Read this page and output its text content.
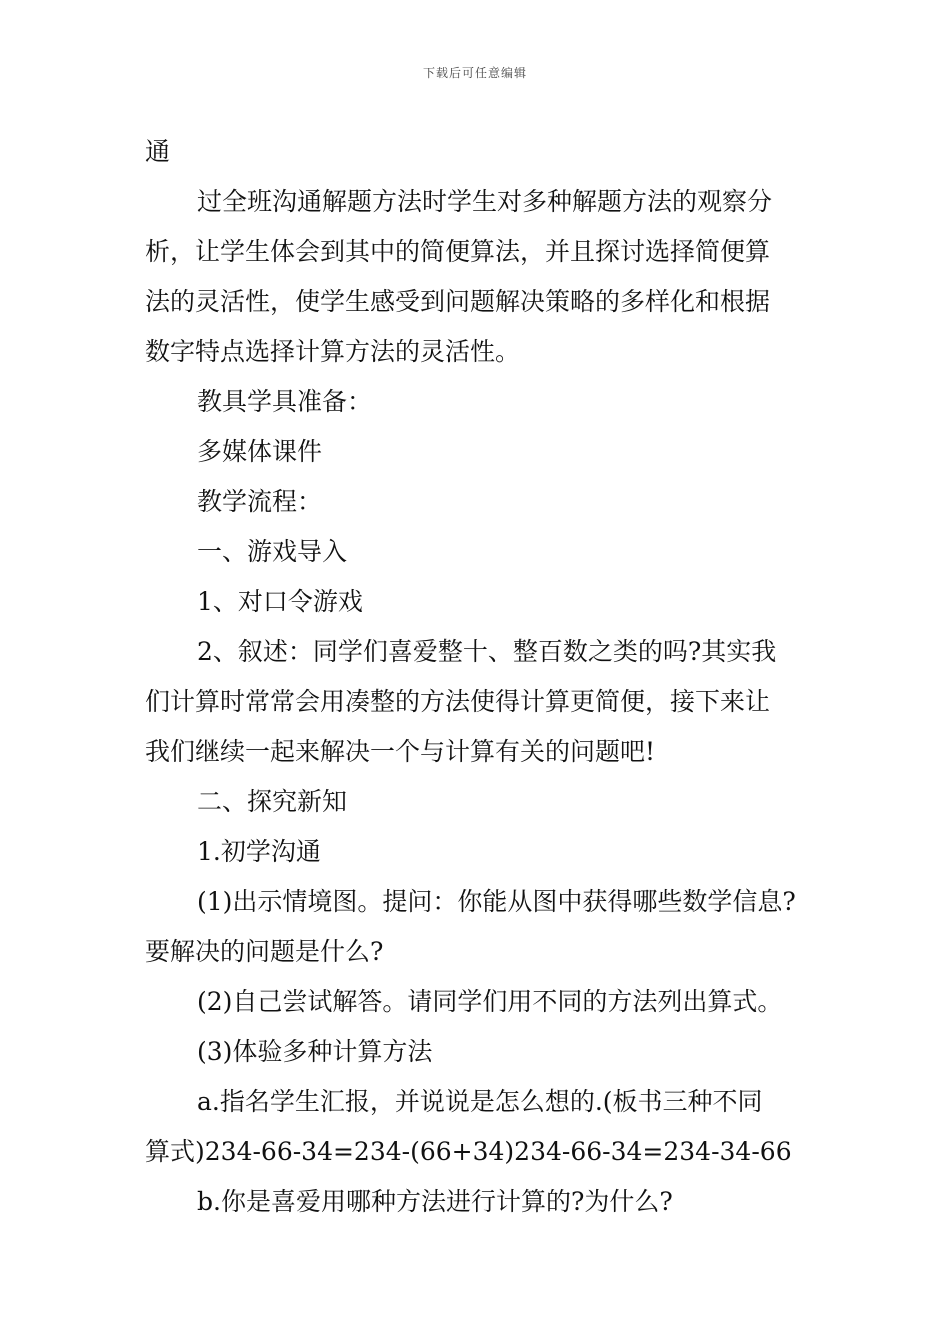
下载后可任意编辑

通

过全班沟通解题方法时学生对多种解题方法的观察分

析，让学生体会到其中的简便算法，并且探讨选择简便算

法的灵活性，使学生感受到问题解决策略的多样化和根据

数字特点选择计算方法的灵活性。

教具学具准备：

多媒体课件

教学流程：

一、游戏导入

1、对口令游戏

2、叙述：同学们喜爱整十、整百数之类的吗?其实我

们计算时常常会用凑整的方法使得计算更简便，接下来让

我们继续一起来解决一个与计算有关的问题吧!

二、探究新知

1.初学沟通

(1)出示情境图。提问：你能从图中获得哪些数学信息?

要解决的问题是什么?

(2)自己尝试解答。请同学们用不同的方法列出算式。

(3)体验多种计算方法

a.指名学生汇报，并说说是怎么想的.(板书三种不同

算式)234-66-34=234-(66+34)234-66-34=234-34-66

b.你是喜爱用哪种方法进行计算的?为什么?
